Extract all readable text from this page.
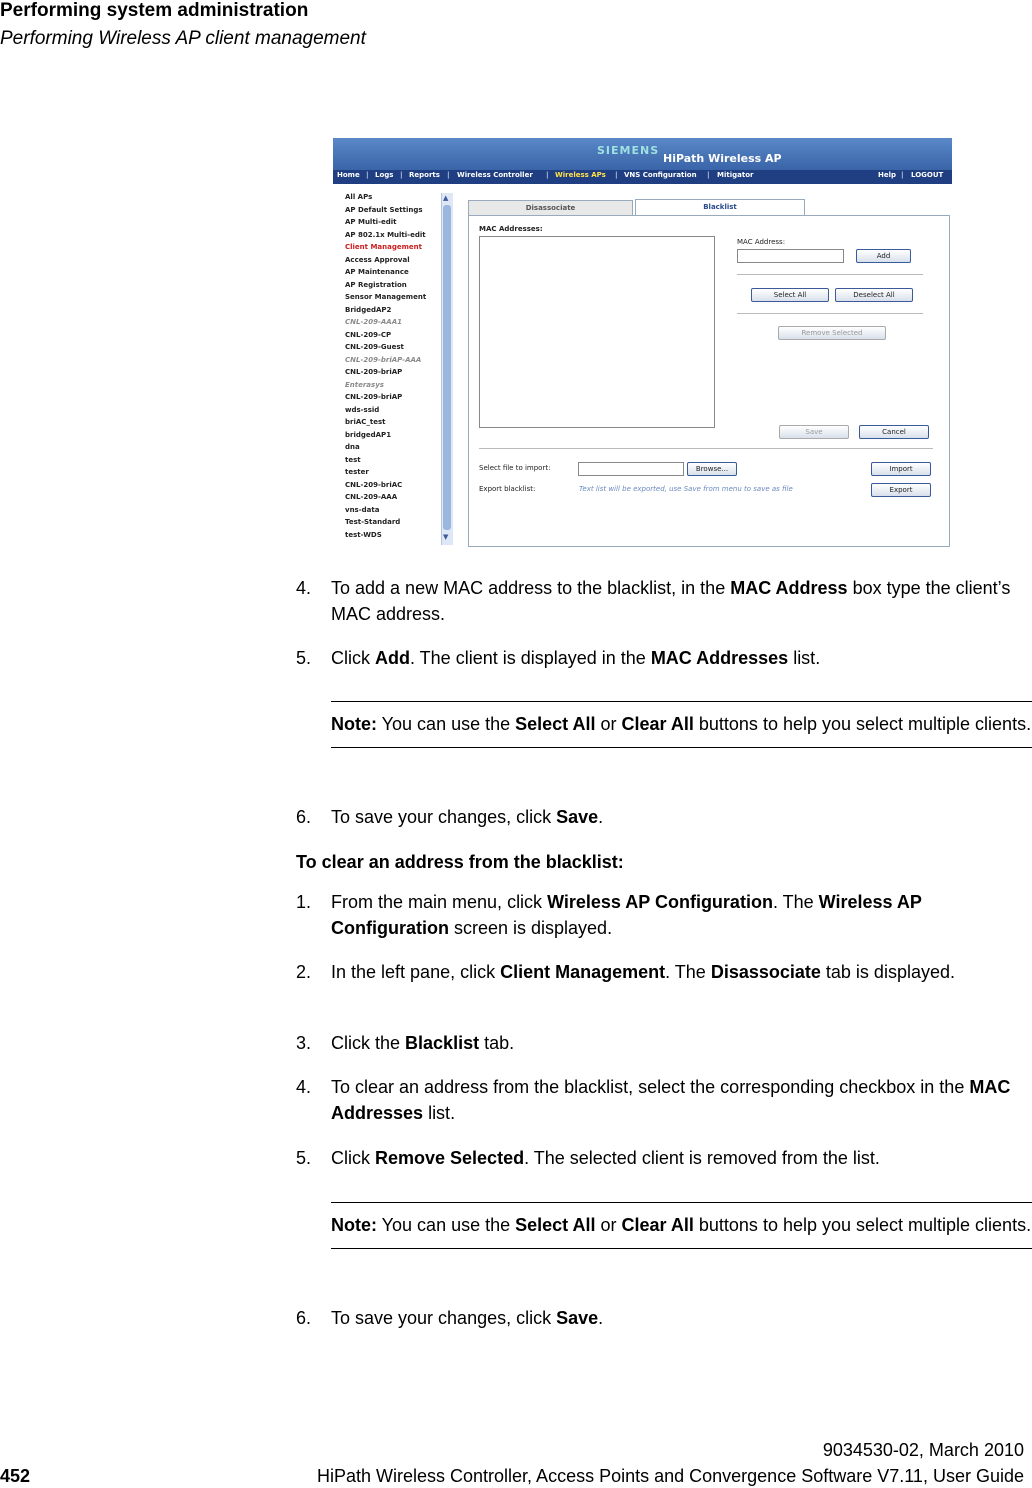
Performing system administration
Performing Wireless AP client management
SIEMENS
HiPath Wireless AP
Home | Logs | Reports | Wireless Controller | Wireless APs | VNS Configuration | Mitigator	Help | LOGOUT
All APs
AP Default Settings
AP Multi-edit
AP 802.1x Multi-edit
Client Management
Access Approval
AP Maintenance
AP Registration
Sensor Management
BridgedAP2
CNL-209-AAA1
CNL-209-CP
CNL-209-Guest
CNL-209-briAP-AAA
CNL-209-briAP
Enterasys
CNL-209-briAP
wds-ssid
briAC_test
bridgedAP1
dna
test
tester
CNL-209-briAC
CNL-209-AAA
vns-data
Test-Standard
test-WDS
▲
▼
Disassociate	Blacklist
MAC Addresses:
MAC Address:
Add
Select All	Deselect All
Remove Selected
Save	Cancel
Select file to import:	Browse...	Import
Export blacklist:	Text list will be exported, use Save from menu to save as file	Export
4. To add a new MAC address to the blacklist, in the MAC Address box type the client’s MAC address.
5. Click Add. The client is displayed in the MAC Addresses list.
Note: You can use the Select All or Clear All buttons to help you select multiple clients.
6. To save your changes, click Save.
To clear an address from the blacklist:
1. From the main menu, click Wireless AP Configuration. The Wireless AP Configuration screen is displayed.
2. In the left pane, click Client Management. The Disassociate tab is displayed.
3. Click the Blacklist tab.
4. To clear an address from the blacklist, select the corresponding checkbox in the MAC Addresses list.
5. Click Remove Selected. The selected client is removed from the list.
Note: You can use the Select All or Clear All buttons to help you select multiple clients.
6. To save your changes, click Save.
9034530-02, March 2010
452	HiPath Wireless Controller, Access Points and Convergence Software V7.11, User Guide
